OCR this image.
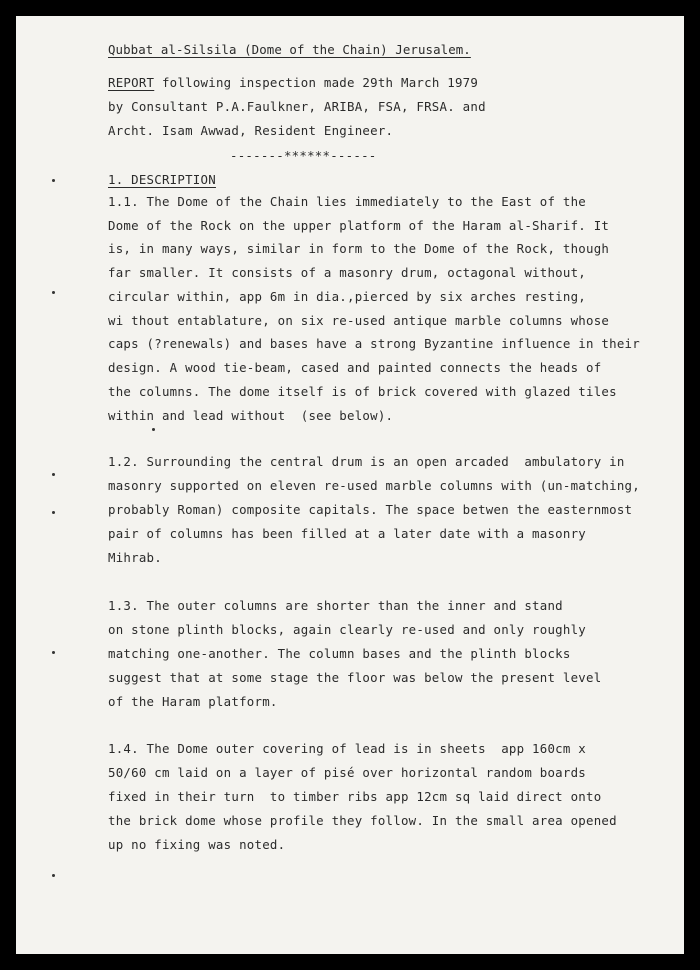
Qubbat al-Silsila (Dome of the Chain) Jerusalem.
REPORT following inspection made 29th March 1979
by Consultant P.A.Faulkner, ARIBA, FSA, FRSA. and
Archt. Isam Awwad, Resident Engineer.
-------******------
1. DESCRIPTION
1.1. The Dome of the Chain lies immediately to the East of the
Dome of the Rock on the upper platform of the Haram al-Sharif. It
is, in many ways, similar in form to the Dome of the Rock, though
far smaller. It consists of a masonry drum, octagonal without,
circular within, app 6m in dia.,pierced by six arches resting,
wi thout entablature, on six re-used antique marble columns whose
caps (?renewals) and bases have a strong Byzantine influence in their
design. A wood tie-beam, cased and painted connects the heads of
the columns. The dome itself is of brick covered with glazed tiles
within and lead without  (see below).
1.2. Surrounding the central drum is an open arcaded  ambulatory in
masonry supported on eleven re-used marble columns with (un-matching,
probably Roman) composite capitals. The space betwen the easternmost
pair of columns has been filled at a later date with a masonry
Mihrab.
1.3. The outer columns are shorter than the inner and stand
on stone plinth blocks, again clearly re-used and only roughly
matching one-another. The column bases and the plinth blocks
suggest that at some stage the floor was below the present level
of the Haram platform.
1.4. The Dome outer covering of lead is in sheets  app 160cm x
50/60 cm laid on a layer of pisé over horizontal random boards
fixed in their turn  to timber ribs app 12cm sq laid direct onto
the brick dome whose profile they follow. In the small area opened
up no fixing was noted.
